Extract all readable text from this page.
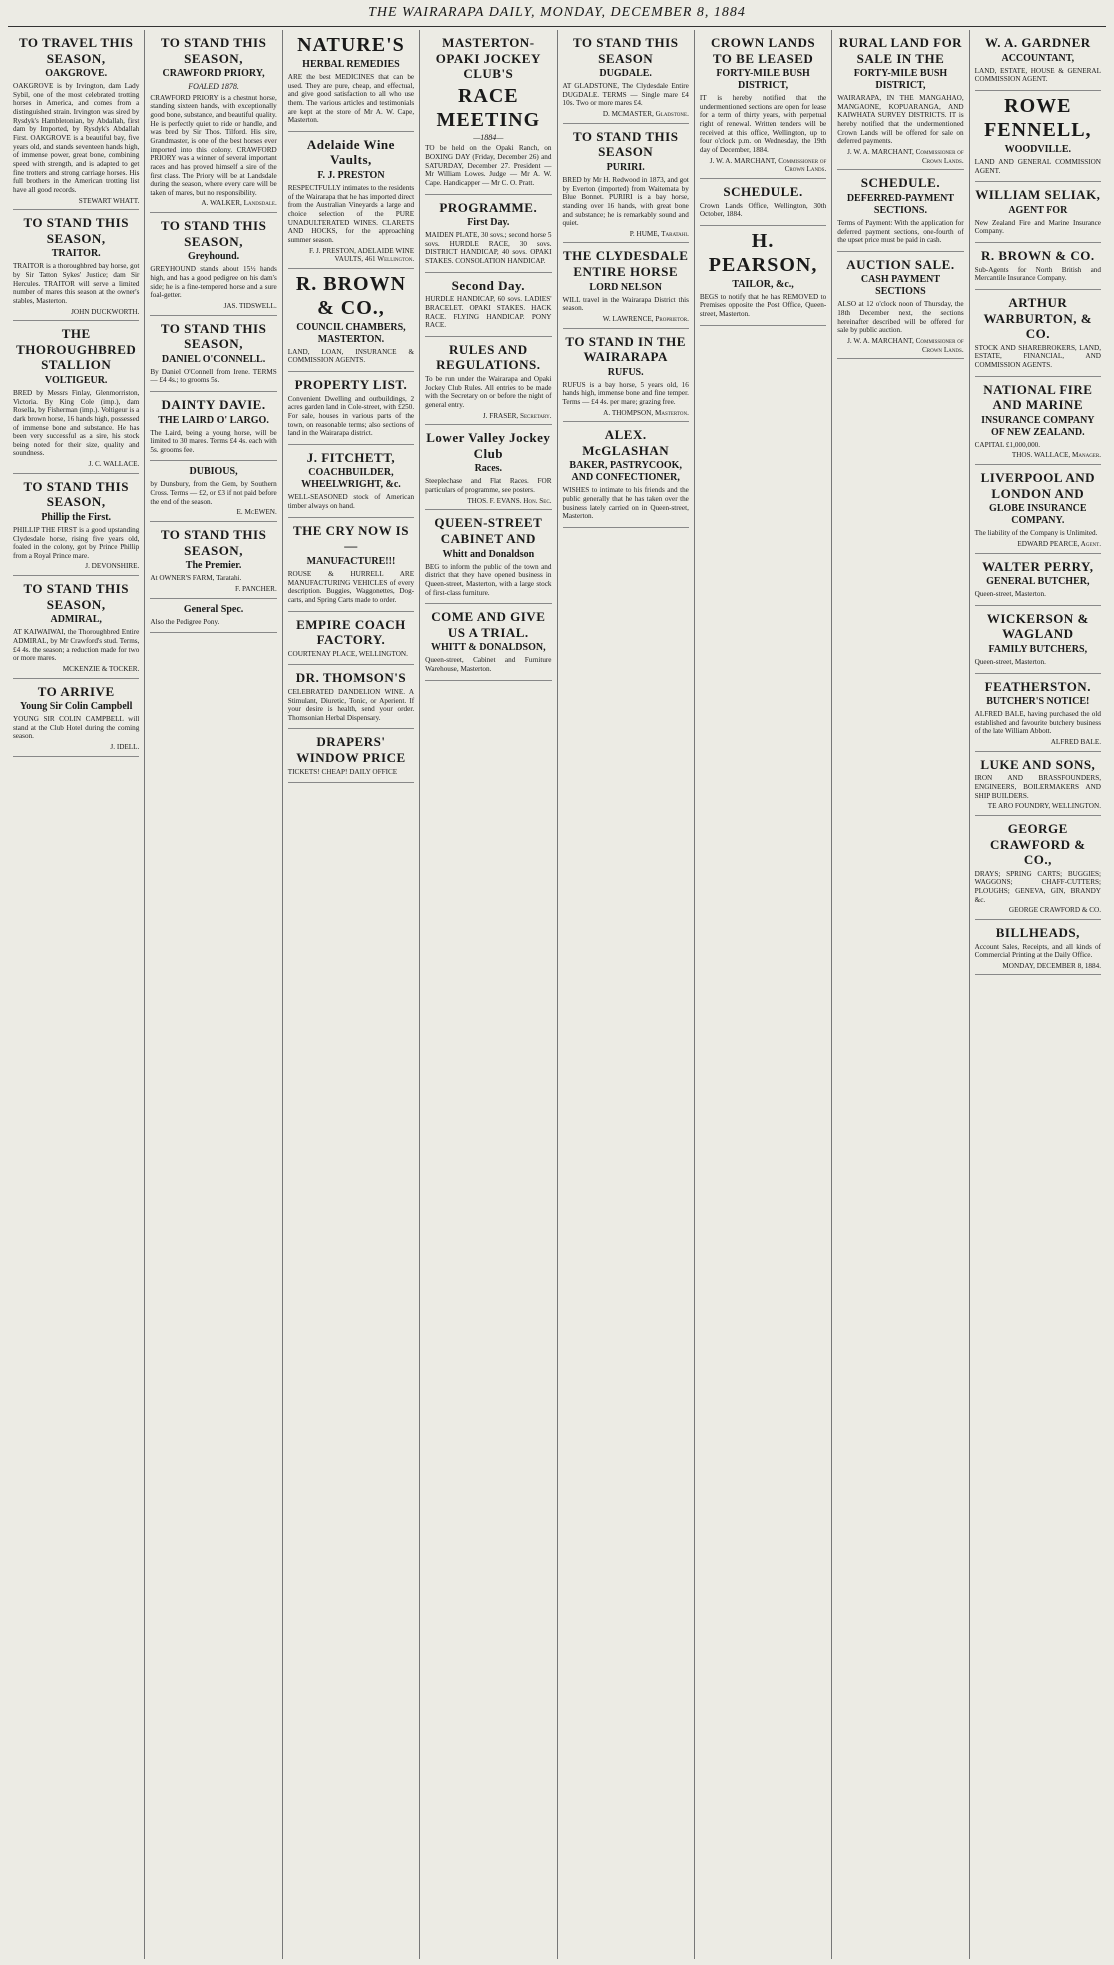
THE WAIRARAPA DAILY, MONDAY, DECEMBER 8, 1884
TO TRAVEL THIS SEASON,
OAKGROVE.
OAKGROVE is by Irvington, dam Lady Sybil, one of the most celebrated trotting horses in America, and comes from a distinguished strain. Irvington was sired by Rysdyk's Hambletonian, by Abdallah, first dam by Imported, by Rysdyk's Abdallah First. OAKGROVE is a beautiful bay, five years old, and stands seventeen hands high, of immense power, great bone, combining speed with strength, and is adapted to get fine trotters and strong carriage horses. His full brothers in the American trotting list have all good records.
STEWART WHATT.
TO STAND THIS SEASON,
TRAITOR.
TRAITOR is a thoroughbred bay horse, got by Sir Tatton Sykes' Justice; dam Sir Hercules. TRAITOR will serve a limited number of mares this season at the owner's stables, Masterton.
JOHN DUCKWORTH.
THE THOROUGHBRED STALLION
VOLTIGEUR.
BRED by Messrs Finlay, Glenmorriston, Victoria. By King Cole (imp.), dam Rosella, by Fisherman (imp.). Voltigeur is a dark brown horse, 16 hands high, possessed of immense bone and substance. He has been very successful as a sire, his stock being noted for their size, quality and soundness.
J. C. WALLACE.
TO STAND THIS SEASON,
Phillip the First.
PHILLIP THE FIRST is a good upstanding Clydesdale horse, rising five years old, foaled in the colony, got by Prince Phillip from a Royal Prince mare.
J. DEVONSHIRE.
TO STAND THIS SEASON,
ADMIRAL,
AT KAIWAIWAI, the Thoroughbred Entire ADMIRAL, by Mr Crawford's stud. Terms, £4 4s. the season; a reduction made for two or more mares.
MCKENZIE & TOCKER.
TO ARRIVE
Young Sir Colin Campbell
YOUNG SIR COLIN CAMPBELL will stand at the Club Hotel during the coming season.
J. IDELL.
TO STAND THIS SEASON,
CRAWFORD PRIORY,
FOALED 1878.
CRAWFORD PRIORY is a chestnut horse, standing sixteen hands, with exceptionally good bone, substance, and beautiful quality. He is perfectly quiet to ride or handle, and was bred by Sir Thos. Tilford. His sire, Grandmaster, is one of the best horses ever imported into this colony. CRAWFORD PRIORY was a winner of several important races and has proved himself a sire of the first class. The Priory will be at Landsdale during the season, where every care will be taken of mares, but no responsibility.
A. WALKER, Landsdale.
TO STAND THIS SEASON,
Greyhound.
GREYHOUND stands about 15½ hands high, and has a good pedigree on his dam's side; he is a fine-tempered horse and a sure foal-getter.
JAS. TIDSWELL.
TO STAND THIS SEASON,
DANIEL O'CONNELL.
By Daniel O'Connell from Irene. TERMS — £4 4s.; to grooms 5s.
DAINTY DAVIE.
THE LAIRD O' LARGO.
The Laird, being a young horse, will be limited to 30 mares. Terms £4 4s. each with 5s. grooms fee.
DUBIOUS,
by Dunsbury, from the Gem, by Southern Cross. Terms — £2, or £3 if not paid before the end of the season.
E. McEWEN.
TO STAND THIS SEASON,
The Premier.
At OWNER'S FARM, Taratahi.
F. PANCHER.
General Spec.
Also the Pedigree Pony.
NATURE'S
HERBAL REMEDIES
ARE the best MEDICINES that can be used. They are pure, cheap, and effectual, and give good satisfaction to all who use them. The various articles and testimonials are kept at the store of Mr A. W. Cape, Masterton.
Adelaide Wine Vaults,
F. J. PRESTON
RESPECTFULLY intimates to the residents of the Wairarapa that he has imported direct from the Australian Vineyards a large and choice selection of the PURE UNADULTERATED WINES. CLARETS AND HOCKS, for the approaching summer season.
F. J. PRESTON, ADELAIDE WINE VAULTS, 461 Wellington.
R. BROWN & CO.,
COUNCIL CHAMBERS, MASTERTON.
LAND, LOAN, INSURANCE & COMMISSION AGENTS.
PROPERTY LIST.
Convenient Dwelling and outbuildings, 2 acres garden land in Cole-street, with £250. For sale, houses in various parts of the town, on reasonable terms; also sections of land in the Wairarapa district.
J. FITCHETT,
COACHBUILDER, WHEELWRIGHT, &c.
WELL-SEASONED stock of American timber always on hand.
THE CRY NOW IS—
MANUFACTURE!!!
ROUSE & HURRELL ARE MANUFACTURING VEHICLES of every description. Buggies, Waggonettes, Dog-carts, and Spring Carts made to order.
EMPIRE COACH FACTORY.
COURTENAY PLACE, WELLINGTON.
DR. THOMSON'S
CELEBRATED DANDELION WINE. A Stimulant, Diuretic, Tonic, or Aperient. If your desire is health, send your order. Thomsonian Herbal Dispensary.
DRAPERS' WINDOW PRICE
TICKETS! CHEAP! DAILY OFFICE
MASTERTON-OPAKI JOCKEY CLUB'S
RACE MEETING
—1884—
TO be held on the Opaki Ranch, on BOXING DAY (Friday, December 26) and SATURDAY, December 27. President — Mr William Lowes. Judge — Mr A. W. Cape. Handicapper — Mr C. O. Pratt.
PROGRAMME.
First Day.
MAIDEN PLATE, 30 sovs.; second horse 5 sovs. HURDLE RACE, 30 sovs. DISTRICT HANDICAP, 40 sovs. OPAKI STAKES. CONSOLATION HANDICAP.
Second Day.
HURDLE HANDICAP, 60 sovs. LADIES' BRACELET. OPAKI STAKES. HACK RACE. FLYING HANDICAP. PONY RACE.
RULES AND REGULATIONS.
To be run under the Wairarapa and Opaki Jockey Club Rules. All entries to be made with the Secretary on or before the night of general entry.
J. FRASER, Secretary.
Lower Valley Jockey Club
Races.
Steeplechase and Flat Races. FOR particulars of programme, see posters.
THOS. F. EVANS. Hon. Sec.
QUEEN-STREET CABINET AND
Whitt and Donaldson
BEG to inform the public of the town and district that they have opened business in Queen-street, Masterton, with a large stock of first-class furniture.
COME AND GIVE US A TRIAL.
WHITT & DONALDSON,
Queen-street, Cabinet and Furniture Warehouse, Masterton.
TO STAND THIS SEASON
DUGDALE.
AT GLADSTONE, The Clydesdale Entire DUGDALE. TERMS — Single mare £4 10s. Two or more mares £4.
D. MCMASTER, Gladstone.
TO STAND THIS SEASON
PURIRI.
BRED by Mr H. Redwood in 1873, and got by Everton (imported) from Waitemata by Blue Bonnet. PURIRI is a bay horse, standing over 16 hands, with great bone and substance; he is remarkably sound and quiet.
P. HUME, Taratahi.
THE CLYDESDALE ENTIRE HORSE
LORD NELSON
WILL travel in the Wairarapa District this season.
W. LAWRENCE, Proprietor.
TO STAND IN THE WAIRARAPA
RUFUS.
RUFUS is a bay horse, 5 years old, 16 hands high, immense bone and fine temper. Terms — £4 4s. per mare; grazing free.
A. THOMPSON, Masterton.
ALEX. McGLASHAN
BAKER, PASTRYCOOK, AND CONFECTIONER,
WISHES to intimate to his friends and the public generally that he has taken over the business lately carried on in Queen-street, Masterton.
CROWN LANDS TO BE LEASED
FORTY-MILE BUSH DISTRICT,
IT is hereby notified that the undermentioned sections are open for lease for a term of thirty years, with perpetual right of renewal. Written tenders will be received at this office, Wellington, up to four o'clock p.m. on Wednesday, the 19th day of December, 1884.
J. W. A. MARCHANT, Commissioner of Crown Lands.
SCHEDULE.
Crown Lands Office, Wellington, 30th October, 1884.
H. PEARSON,
TAILOR, &c.,
BEGS to notify that he has REMOVED to Premises opposite the Post Office, Queen-street, Masterton.
RURAL LAND FOR SALE IN THE
FORTY-MILE BUSH DISTRICT,
WAIRARAPA, IN THE MANGAHAO, MANGAONE, KOPUARANGA, AND KAIWHATA SURVEY DISTRICTS. IT is hereby notified that the undermentioned Crown Lands will be offered for sale on deferred payments.
J. W. A. MARCHANT, Commissioner of Crown Lands.
SCHEDULE.
DEFERRED-PAYMENT SECTIONS.
Terms of Payment: With the application for deferred payment sections, one-fourth of the upset price must be paid in cash.
AUCTION SALE.
CASH PAYMENT SECTIONS
ALSO at 12 o'clock noon of Thursday, the 18th December next, the sections hereinafter described will be offered for sale by public auction.
J. W. A. MARCHANT, Commissioner of Crown Lands.
W. A. GARDNER
ACCOUNTANT,
LAND, ESTATE, HOUSE & GENERAL COMMISSION AGENT.
ROWE FENNELL,
WOODVILLE.
LAND AND GENERAL COMMISSION AGENT.
WILLIAM SELIAK,
AGENT FOR
New Zealand Fire and Marine Insurance Company.
R. BROWN & CO.
Sub-Agents for North British and Mercantile Insurance Company.
ARTHUR WARBURTON, & CO.
STOCK AND SHAREBROKERS, LAND, ESTATE, FINANCIAL, AND COMMISSION AGENTS.
NATIONAL FIRE AND MARINE
INSURANCE COMPANY OF NEW ZEALAND.
CAPITAL £1,000,000.
THOS. WALLACE, Manager.
LIVERPOOL AND LONDON AND
GLOBE INSURANCE COMPANY.
The liability of the Company is Unlimited.
EDWARD PEARCE, Agent.
WALTER PERRY,
GENERAL BUTCHER,
Queen-street, Masterton.
WICKERSON & WAGLAND
FAMILY BUTCHERS,
Queen-street, Masterton.
FEATHERSTON.
BUTCHER'S NOTICE!
ALFRED BALE, having purchased the old established and favourite butchery business of the late William Abbott.
ALFRED BALE.
LUKE AND SONS,
IRON AND BRASSFOUNDERS, ENGINEERS, BOILERMAKERS AND SHIP BUILDERS.
TE ARO FOUNDRY, WELLINGTON.
GEORGE CRAWFORD & CO.,
DRAYS; SPRING CARTS; BUGGIES; WAGGONS; CHAFF-CUTTERS; PLOUGHS; GENEVA, GIN, BRANDY &c.
GEORGE CRAWFORD & CO.
BILLHEADS,
Account Sales, Receipts, and all kinds of Commercial Printing at the Daily Office.
MONDAY, DECEMBER 8, 1884.
